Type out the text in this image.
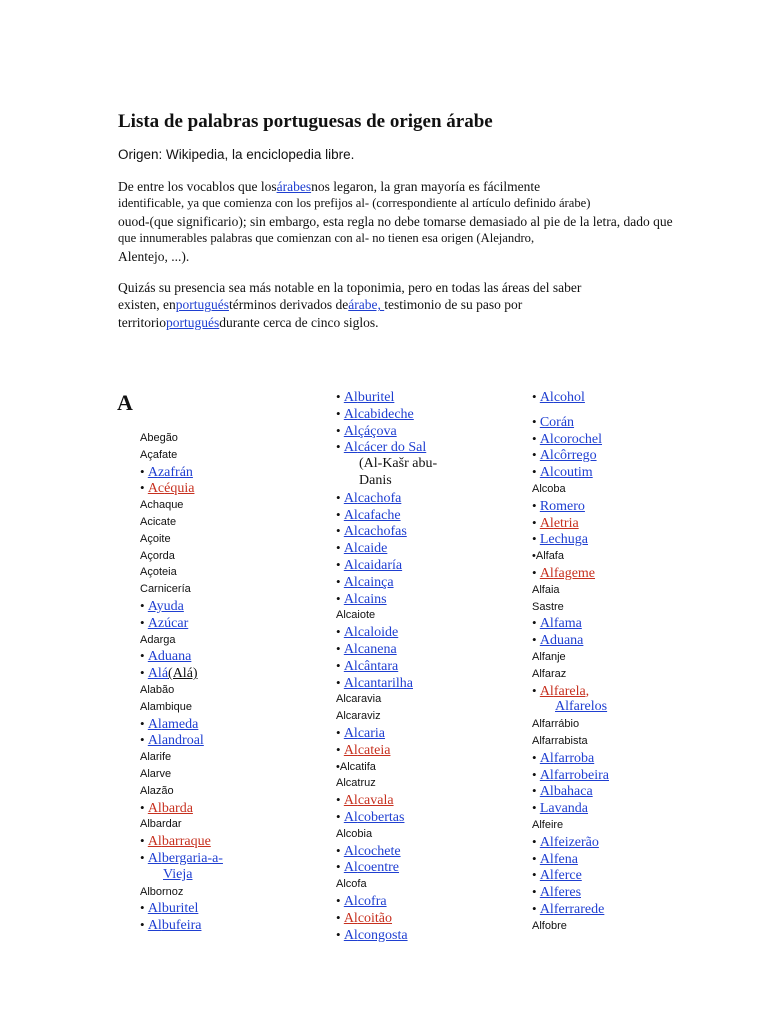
Lista de palabras portuguesas de origen árabe
Origen: Wikipedia, la enciclopedia libre.
De entre los vocablos que losárabesnos legaron, la gran mayoría es fácilmente
identificable, ya que comienza con los prefijos al- (correspondiente al artículo definido árabe)
ouod-(que significario); sin embargo, esta regla no debe tomarse demasiado al pie de la letra, dado que
que innumerables palabras que comienzan con al- no tienen esa origen (Alejandro,
Alentejo, ...).
Quizás su presencia sea más notable en la toponimia, pero en todas las áreas del saber
existen, enportuguéstérminos derivados deárabe, testimonio de su paso por
territorioportuguésdurante cerca de cinco siglos.
A
Abegão
Açafate
• Azafrán
• Acéquia
Achaque
Acicate
Açoite
Açorda
Açoteia
Carnicería
• Ayuda
• Azúcar
Adarga
• Aduana
• Alá(Alá)
Alabão
Alambique
• Alameda
• Alandroal
Alarife
Alarve
Alazão
• Albarda
Albardar
• Albarraque
• Albergaria-a-
Vieja
Albornoz
• Alburitel
• Albufeira
• Alburitel
• Alcabideche
• Alçáçova
• Alcácer do Sal
(Al-Kašr abu-
Danis
• Alcachofa
• Alcafache
• Alcachofas
• Alcaide
• Alcaidaría
• Alcainça
• Alcains
Alcaiote
• Alcaloide
• Alcanena
• Alcântara
• Alcantarilha
Alcaravia
Alcaraviz
• Alcaria
• Alcateia
•Alcatifa
Alcatruz
• Alcavala
• Alcobertas
Alcobia
• Alcochete
• Alcoentre
Alcofa
• Alcofra
• Alcoitão
• Alcongosta
• Alcohol
• Corán
• Alcorochel
• Alcôrrego
• Alcoutim
Alcoba
• Romero
• Aletria
• Lechuga
•Alfafa
• Alfageme
Alfaia
Sastre
• Alfama
• Aduana
Alfanje
Alfaraz
• Alfarela,
Alfarelos
Alfarrábio
Alfarrabista
• Alfarroba
• Alfarrobeira
• Albahaca
• Lavanda
Alfeire
• Alfeizerão
• Alfena
• Alferce
• Alferes
• Alferrarede
Alfobre
